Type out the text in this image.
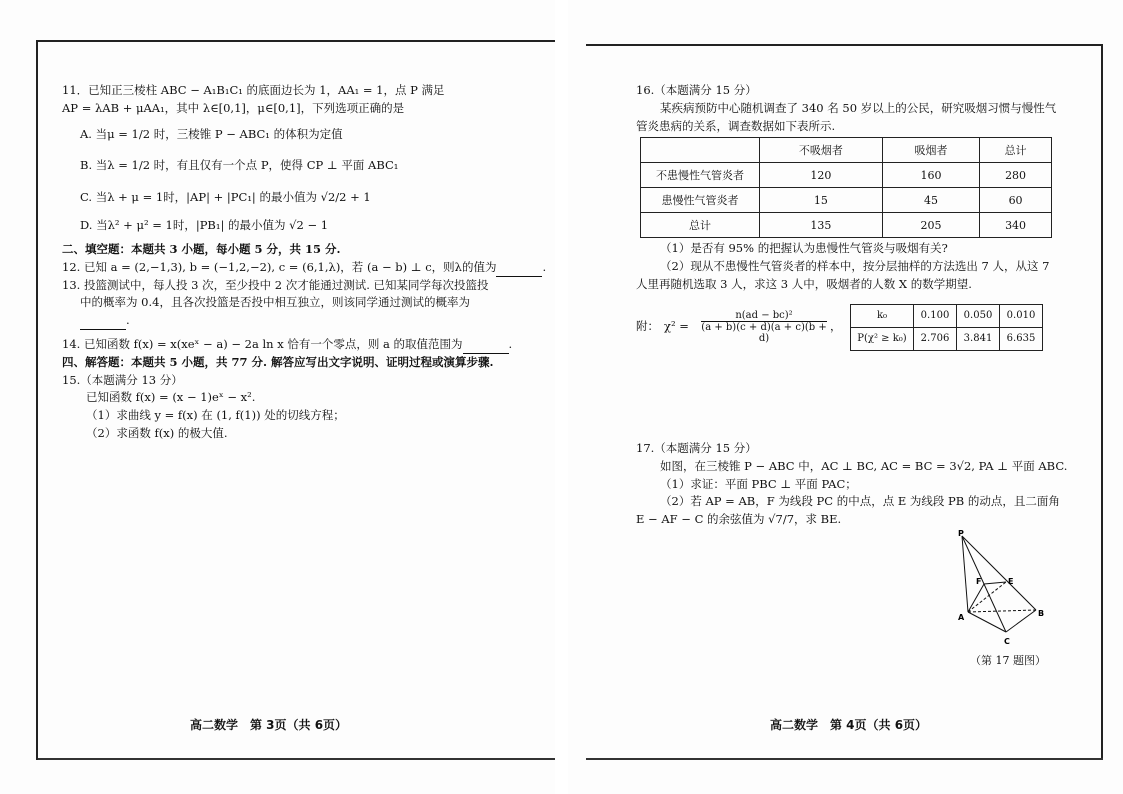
11．已知正三棱柱 ABC − A₁B₁C₁ 的底面边长为 1，AA₁ = 1，点 P 满足
AP = λAB + μAA₁，其中 λ∈[0,1]，μ∈[0,1]，下列选项正确的是
A. 当μ = 1/2 时，三棱锥 P − ABC₁ 的体积为定值
B. 当λ = 1/2 时，有且仅有一个点 P，使得 CP ⊥ 平面 ABC₁
C. 当λ + μ = 1时，|AP| + |PC₁| 的最小值为 √2/2 + 1
D. 当λ² + μ² = 1时，|PB₁| 的最小值为 √2 − 1
二、填空题：本题共 3 小题，每小题 5 分，共 15 分.
12. 已知 a = (2,−1,3), b = (−1,2,−2), c = (6,1,λ)，若 (a − b) ⊥ c，则λ的值为	.
13. 投篮测试中，每人投 3 次，至少投中 2 次才能通过测试. 已知某同学每次投篮投
中的概率为 0.4，且各次投篮是否投中相互独立，则该同学通过测试的概率为
.
14. 已知函数 f(x) = x(xeˣ − a) − 2a ln x 恰有一个零点，则 a 的取值范围为	.
四、解答题：本题共 5 小题，共 77 分. 解答应写出文字说明、证明过程或演算步骤.
15.（本题满分 13 分）
已知函数 f(x) = (x − 1)eˣ − x².
（1）求曲线 y = f(x) 在 (1, f(1)) 处的切线方程；
（2）求函数 f(x) 的极大值.
高二数学　第 3页（共 6页）
16.（本题满分 15 分）
某疾病预防中心随机调查了 340 名 50 岁以上的公民，研究吸烟习惯与慢性气
管炎患病的关系，调查数据如下表所示.
	不吸烟者	吸烟者	总计
不患慢性气管炎者	120	160	280
患慢性气管炎者	15	45	60
总计	135	205	340
（1）是否有 95% 的把握认为患慢性气管炎与吸烟有关?
（2）现从不患慢性气管炎者的样本中，按分层抽样的方法选出 7 人，从这 7
人里再随机选取 3 人，求这 3 人中，吸烟者的人数 X 的数学期望.
附： $\chi^2 = \frac{\text{n(ad − bc)²}}{(a + b)(c + d)(a + c)(b + d)}$ ，
k₀	0.100	0.050	0.010
P(χ² ≥ k₀)	2.706	3.841	6.635
17.（本题满分 15 分）
如图，在三棱锥 P − ABC 中，AC ⊥ BC, AC = BC = 3√2, PA ⊥ 平面 ABC.
（1）求证：平面 PBC ⊥ 平面 PAC；
（2）若 AP = AB，F 为线段 PC 的中点，点 E 为线段 PB 的动点，且二面角
E − AF − C 的余弦值为 √7/7，求 BE.
P
F	E
A	B
C
（第 17 题图）
高二数学　第 4页（共 6页）
